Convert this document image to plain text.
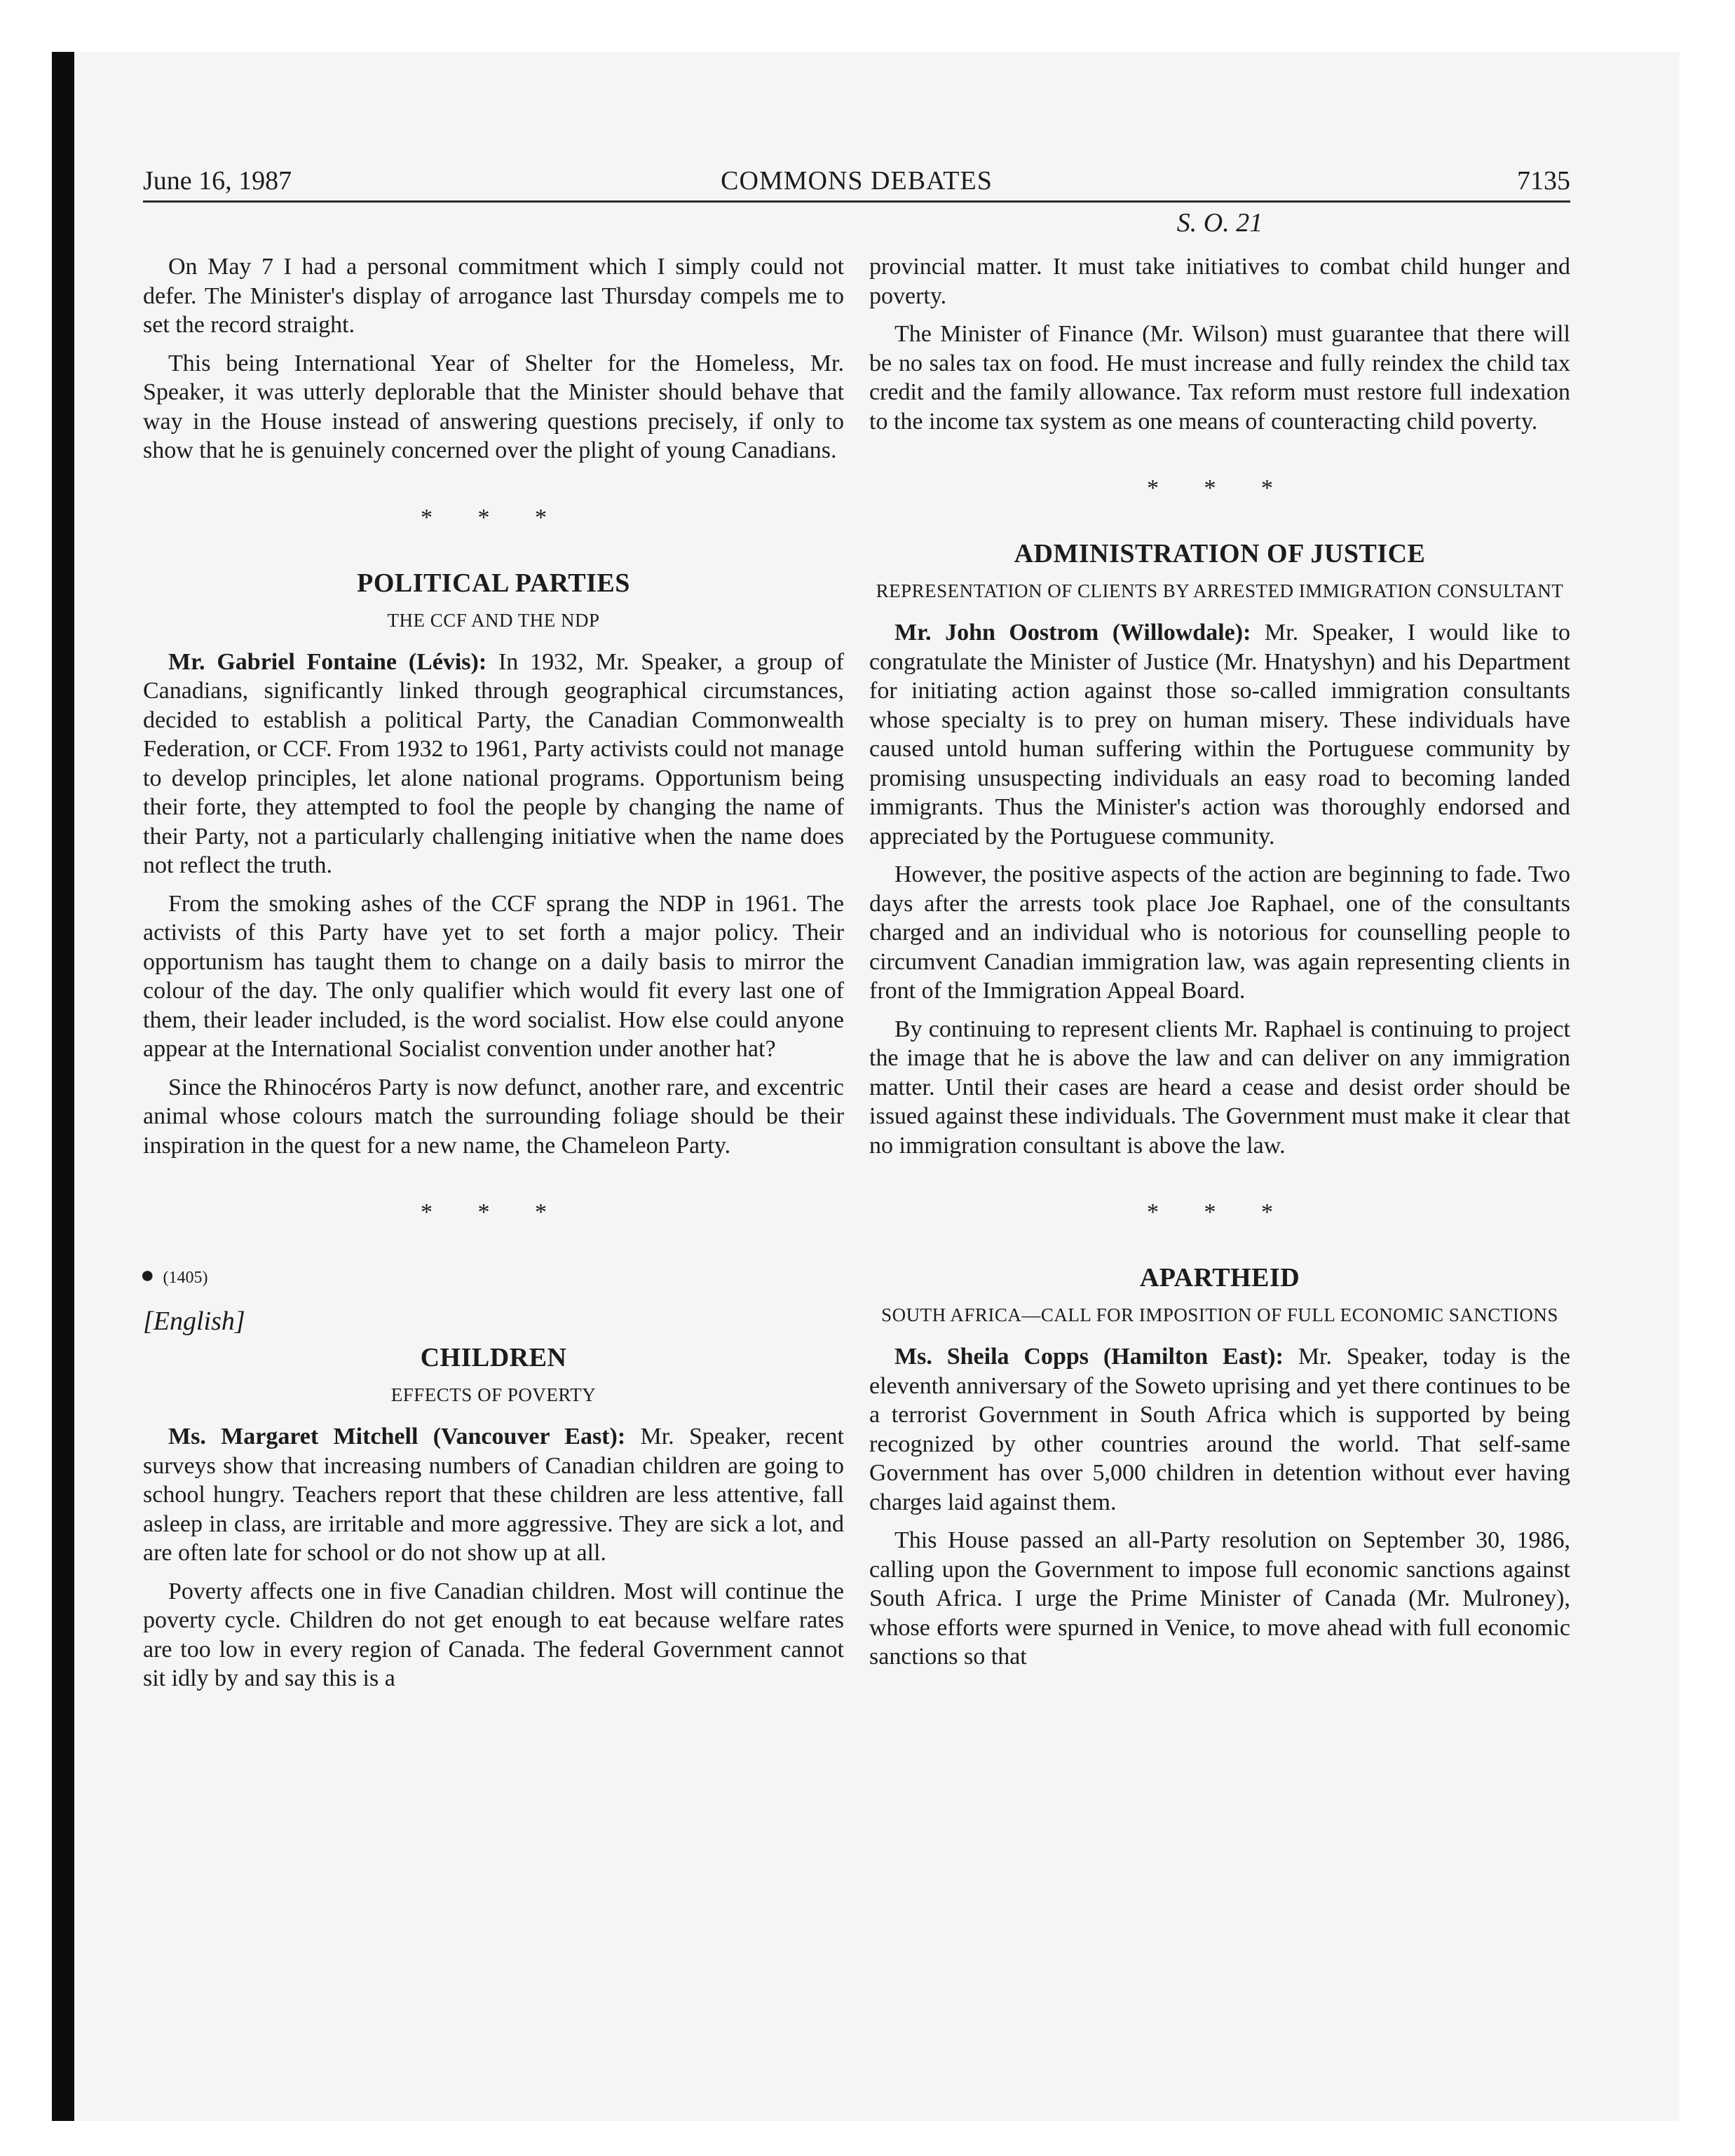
June 16, 1987	COMMONS DEBATES	7135
S. O. 21

On May 7 I had a personal commitment which I simply could not defer. The Minister's display of arrogance last Thursday compels me to set the record straight.

This being International Year of Shelter for the Homeless, Mr. Speaker, it was utterly deplorable that the Minister should behave that way in the House instead of answering questions precisely, if only to show that he is genuinely concerned over the plight of young Canadians.

* * *
POLITICAL PARTIES
THE CCF AND THE NDP

Mr. Gabriel Fontaine (Lévis): In 1932, Mr. Speaker, a group of Canadians, significantly linked through geographical circumstances, decided to establish a political Party, the Canadian Commonwealth Federation, or CCF. From 1932 to 1961, Party activists could not manage to develop principles, let alone national programs. Opportunism being their forte, they attempted to fool the people by changing the name of their Party, not a particularly challenging initiative when the name does not reflect the truth.

From the smoking ashes of the CCF sprang the NDP in 1961. The activists of this Party have yet to set forth a major policy. Their opportunism has taught them to change on a daily basis to mirror the colour of the day. The only qualifier which would fit every last one of them, their leader included, is the word socialist. How else could anyone appear at the International Socialist convention under another hat?

Since the Rhinocéros Party is now defunct, another rare, and excentric animal whose colours match the surrounding foliage should be their inspiration in the quest for a new name, the Chameleon Party.

* * *
● (1405)
[English]
CHILDREN
EFFECTS OF POVERTY

Ms. Margaret Mitchell (Vancouver East): Mr. Speaker, recent surveys show that increasing numbers of Canadian children are going to school hungry. Teachers report that these children are less attentive, fall asleep in class, are irritable and more aggressive. They are sick a lot, and are often late for school or do not show up at all.

Poverty affects one in five Canadian children. Most will continue the poverty cycle. Children do not get enough to eat because welfare rates are too low in every region of Canada. The federal Government cannot sit idly by and say this is a

provincial matter. It must take initiatives to combat child hunger and poverty.

The Minister of Finance (Mr. Wilson) must guarantee that there will be no sales tax on food. He must increase and fully reindex the child tax credit and the family allowance. Tax reform must restore full indexation to the income tax system as one means of counteracting child poverty.

* * *
ADMINISTRATION OF JUSTICE
REPRESENTATION OF CLIENTS BY ARRESTED IMMIGRATION CONSULTANT

Mr. John Oostrom (Willowdale): Mr. Speaker, I would like to congratulate the Minister of Justice (Mr. Hnatyshyn) and his Department for initiating action against those so-called immigration consultants whose specialty is to prey on human misery. These individuals have caused untold human suffering within the Portuguese community by promising unsuspecting individuals an easy road to becoming landed immigrants. Thus the Minister's action was thoroughly endorsed and appreciated by the Portuguese community.

However, the positive aspects of the action are beginning to fade. Two days after the arrests took place Joe Raphael, one of the consultants charged and an individual who is notorious for counselling people to circumvent Canadian immigration law, was again representing clients in front of the Immigration Appeal Board.

By continuing to represent clients Mr. Raphael is continuing to project the image that he is above the law and can deliver on any immigration matter. Until their cases are heard a cease and desist order should be issued against these individuals. The Government must make it clear that no immigration consultant is above the law.

* * *
APARTHEID
SOUTH AFRICA—CALL FOR IMPOSITION OF FULL ECONOMIC SANCTIONS

Ms. Sheila Copps (Hamilton East): Mr. Speaker, today is the eleventh anniversary of the Soweto uprising and yet there continues to be a terrorist Government in South Africa which is supported by being recognized by other countries around the world. That self-same Government has over 5,000 children in detention without ever having charges laid against them.

This House passed an all-Party resolution on September 30, 1986, calling upon the Government to impose full economic sanctions against South Africa. I urge the Prime Minister of Canada (Mr. Mulroney), whose efforts were spurned in Venice, to move ahead with full economic sanctions so that
